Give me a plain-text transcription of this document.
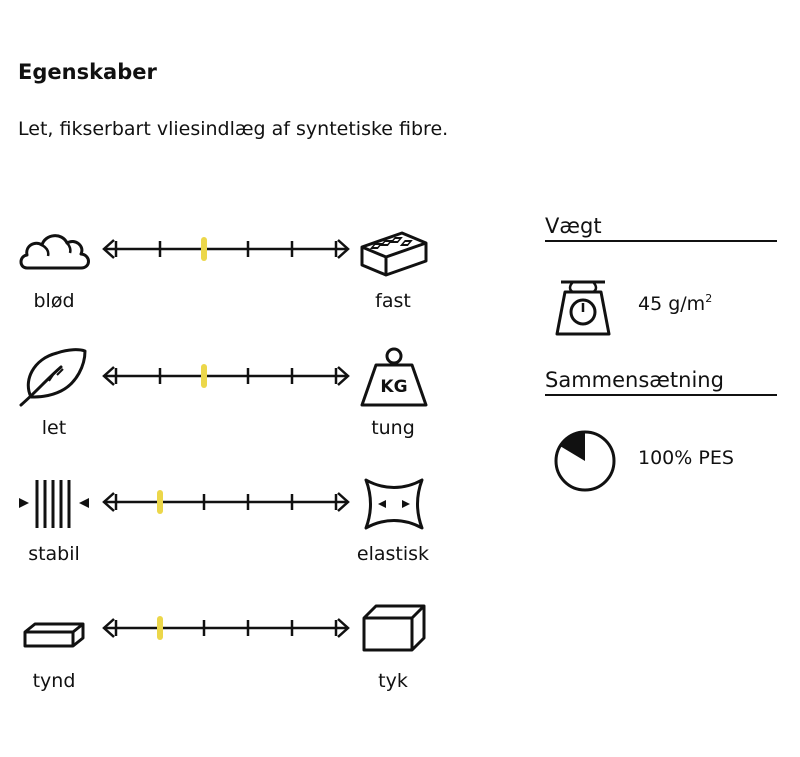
Egenskaber
Let, fikserbart vliesindlæg af syntetiske fibre.
KG
blød	fast
let	tung
stabil	elastisk
tynd	tyk
Vægt
45 $g/m^2$
Sammensætning
100% PES
